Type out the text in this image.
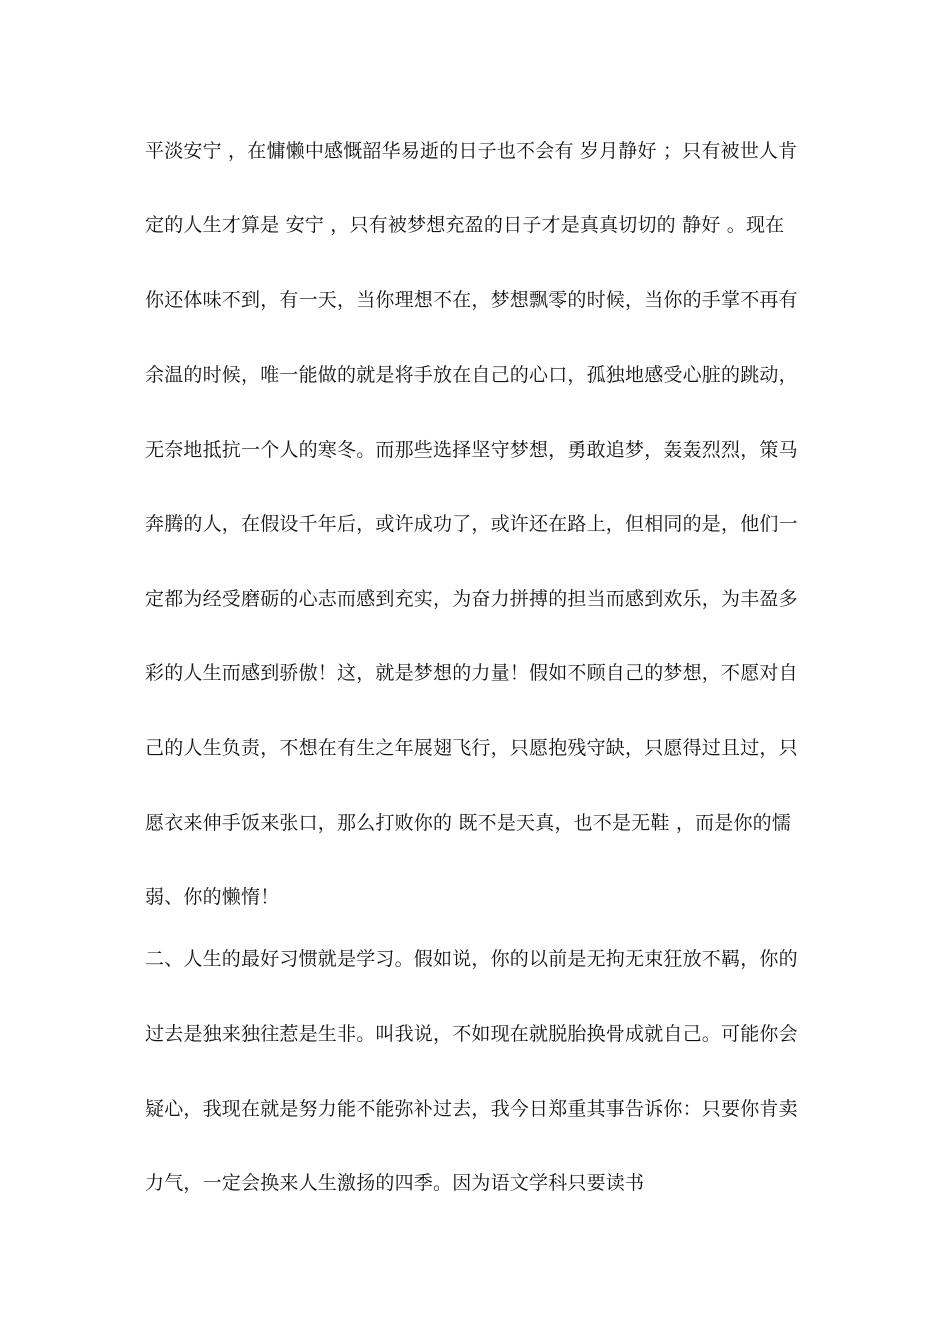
平淡安宁 ，在慵懒中感慨韶华易逝的日子也不会有 岁月静好 ；只有被世人肯
定的人生才算是 安宁 ，只有被梦想充盈的日子才是真真切切的 静好 。现在
你还体味不到，有一天，当你理想不在，梦想飘零的时候，当你的手掌不再有
余温的时候，唯一能做的就是将手放在自己的心口，孤独地感受心脏的跳动，
无奈地抵抗一个人的寒冬。而那些选择坚守梦想，勇敢追梦，轰轰烈烈，策马
奔腾的人，在假设千年后，或许成功了，或许还在路上，但相同的是，他们一
定都为经受磨砺的心志而感到充实，为奋力拼搏的担当而感到欢乐，为丰盈多
彩的人生而感到骄傲！这，就是梦想的力量！假如不顾自己的梦想，不愿对自
己的人生负责，不想在有生之年展翅飞行，只愿抱残守缺，只愿得过且过，只
愿衣来伸手饭来张口，那么打败你的 既不是天真，也不是无鞋 ，而是你的懦
弱、你的懒惰！
二、人生的最好习惯就是学习。假如说，你的以前是无拘无束狂放不羁，你的
过去是独来独往惹是生非。叫我说，不如现在就脱胎换骨成就自己。可能你会
疑心，我现在就是努力能不能弥补过去，我今日郑重其事告诉你：只要你肯卖
力气，一定会换来人生激扬的四季。因为语文学科只要读书
